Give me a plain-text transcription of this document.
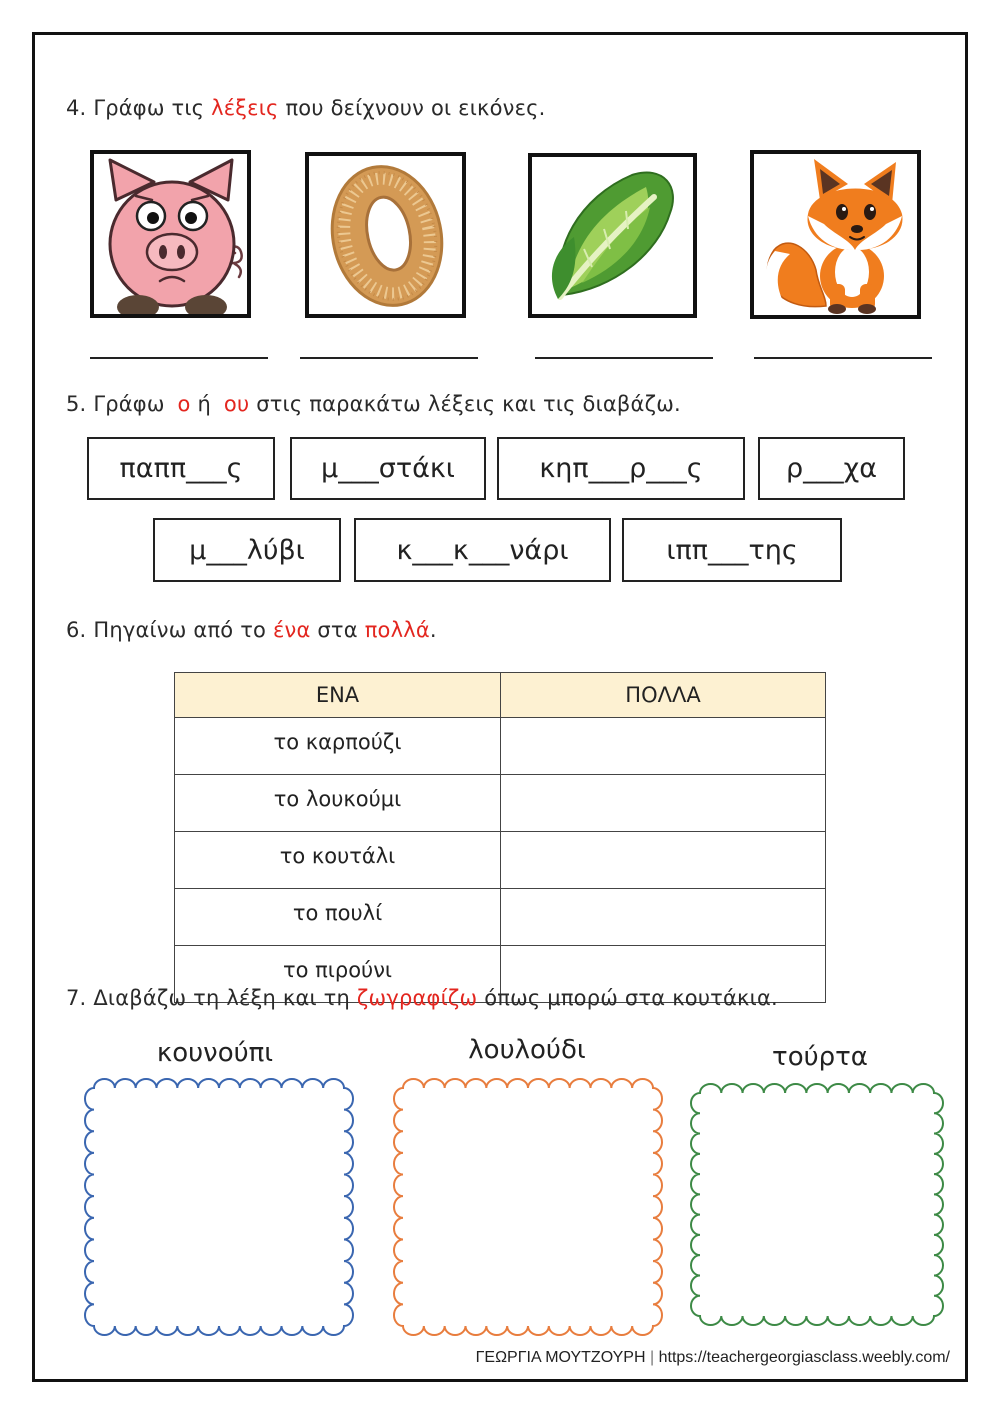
4. Γράφω τις λέξεις που δείχνουν οι εικόνες.
5. Γράφω ο ή ου στις παρακάτω λέξεις και τις διαβάζω.
παππ___ς	μ___στάκι	κηπ___ρ___ς	ρ___χα
μ___λύβι	κ___κ___νάρι	ιππ___της
6. Πηγαίνω από το ένα στα πολλά.
ΕΝΑ	ΠΟΛΛΑ
το καρπούζι	
το λουκούμι	
το κουτάλι	
το πουλί	
το πιρούνι	
7. Διαβάζω τη λέξη και τη ζωγραφίζω όπως μπορώ στα κουτάκια.
κουνούπι	λουλούδι	τούρτα
ΓΕΩΡΓΙΑ ΜΟΥΤΖΟΥΡΗ | https://teachergeorgiasclass.weebly.com/
